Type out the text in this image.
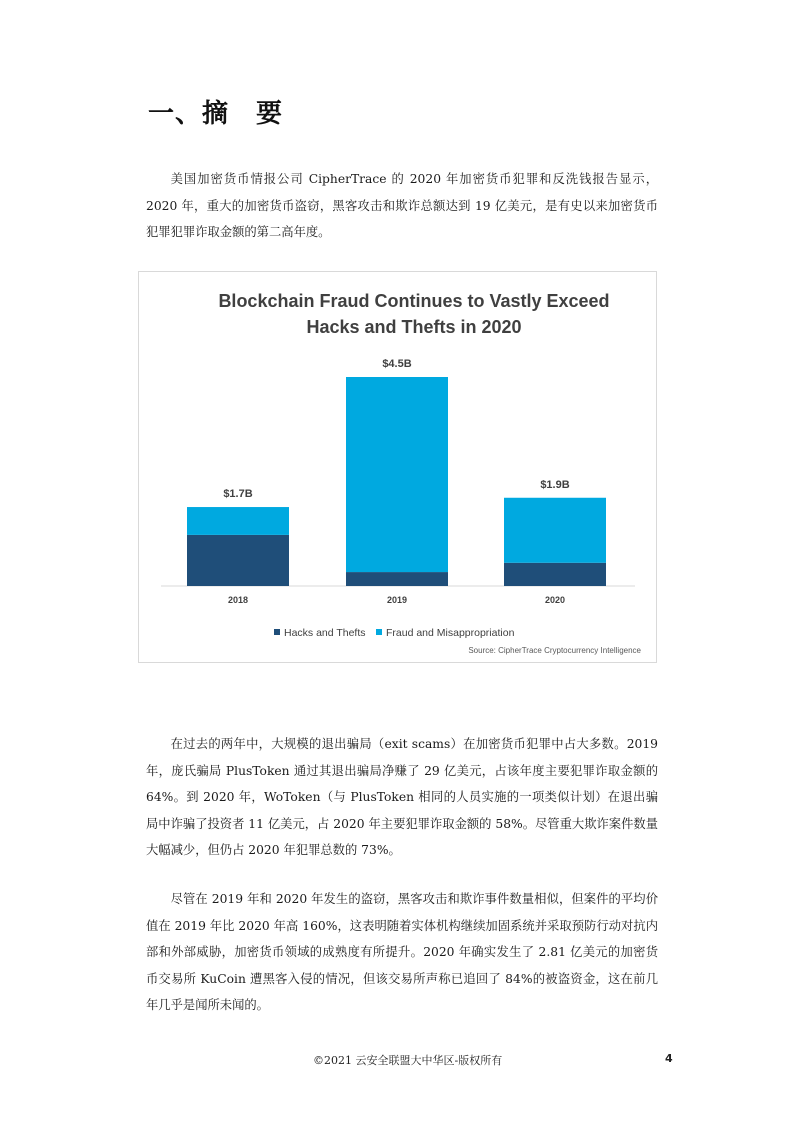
一、摘　要

美国加密货币情报公司 CipherTrace 的 2020 年加密货币犯罪和反洗钱报告显示，2020 年，重大的加密货币盗窃，黑客攻击和欺诈总额达到 19 亿美元，是有史以来加密货币犯罪犯罪诈取金额的第二高年度。

Blockchain Fraud Continues to Vastly Exceed
Hacks and Thefts in 2020
$1.7B
2018
$4.5B
2019
$1.9B
2020
Hacks and Thefts Fraud and Misappropriation
Source: CipherTrace Cryptocurrency Intelligence

在过去的两年中，大规模的退出骗局（exit scams）在加密货币犯罪中占大多数。2019 年，庞氏骗局 PlusToken 通过其退出骗局净赚了 29 亿美元，占该年度主要犯罪诈取金额的 64%。到 2020 年，WoToken（与 PlusToken 相同的人员实施的一项类似计划）在退出骗局中诈骗了投资者 11 亿美元，占 2020 年主要犯罪诈取金额的 58%。尽管重大欺诈案件数量大幅减少，但仍占 2020 年犯罪总数的 73%。

尽管在 2019 年和 2020 年发生的盗窃，黑客攻击和欺诈事件数量相似，但案件的平均价值在 2019 年比 2020 年高 160%，这表明随着实体机构继续加固系统并采取预防行动对抗内部和外部威胁，加密货币领域的成熟度有所提升。2020 年确实发生了 2.81 亿美元的加密货币交易所 KuCoin 遭黑客入侵的情况，但该交易所声称已追回了 84%的被盗资金，这在前几年几乎是闻所未闻的。

©2021 云安全联盟大中华区-版权所有	4
